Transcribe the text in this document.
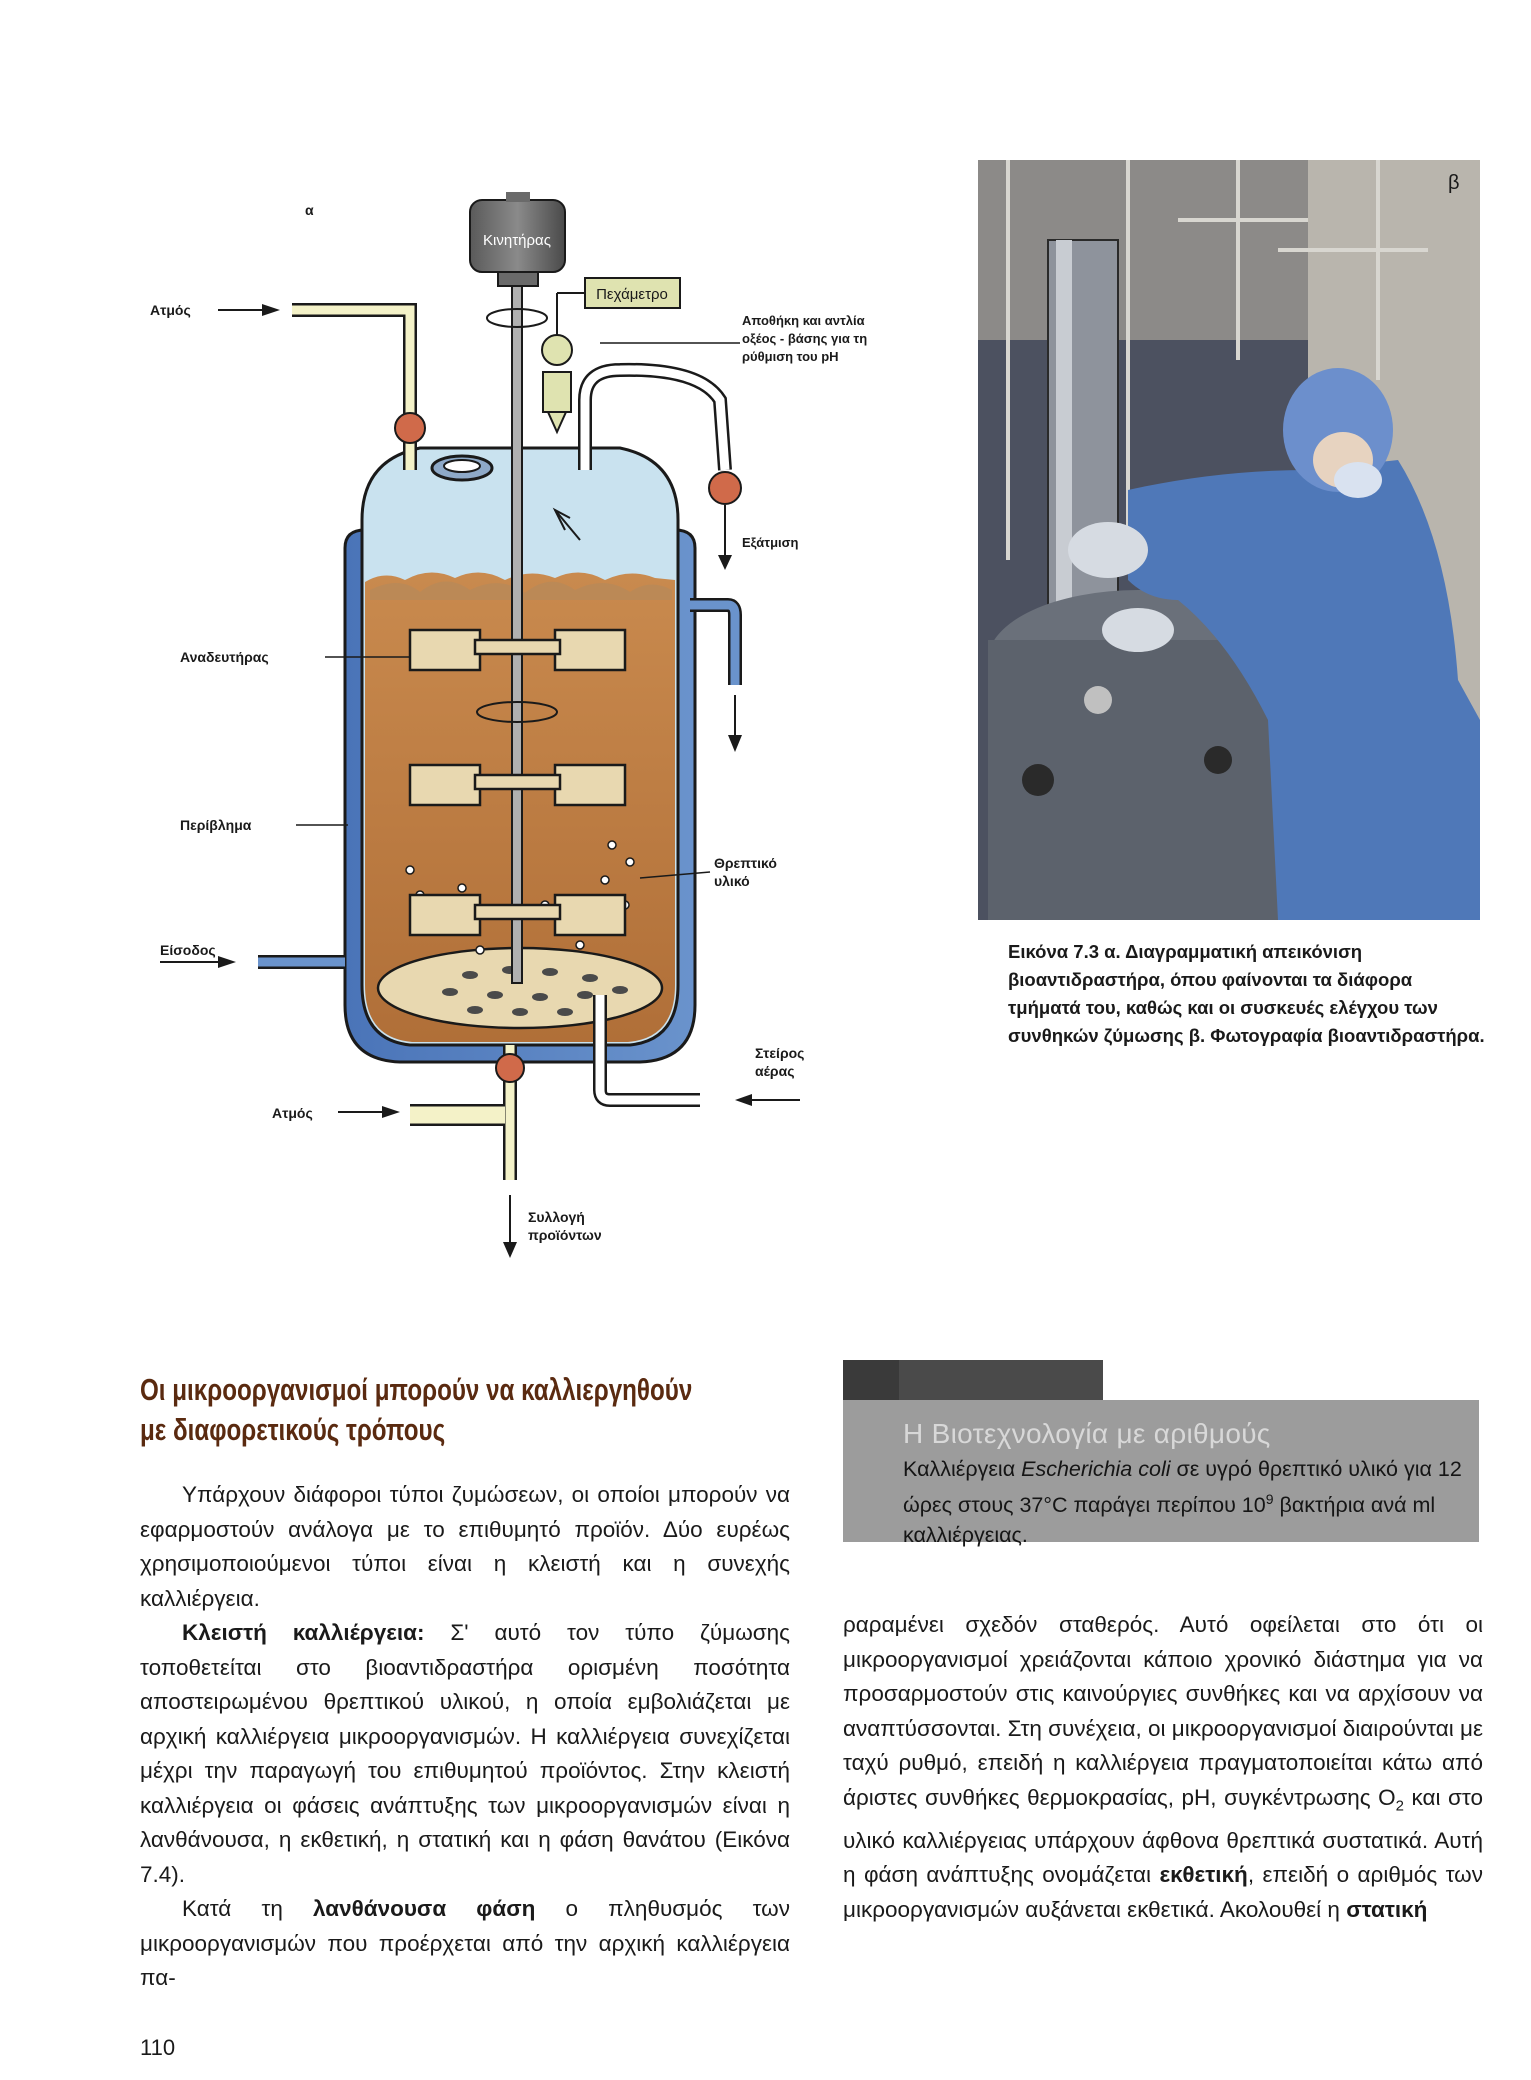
α
Κινητήρας
Πεχάμετρο
Αποθήκη και αντλία
οξέος - βάσης για τη
ρύθμιση του pH
Εξάτμιση
Ατμός
Αναδευτήρας
Περίβλημα
Θρεπτικό
υλικό
Είσοδος
Στείρος
αέρας
Ατμός
Συλλογή
προϊόντων
β
Εικόνα 7.3 α. Διαγραμματική απεικόνιση βιοαντιδραστήρα, όπου φαίνονται τα διάφορα τμήματά του, καθώς και οι συσκευές ελέγχου των συνθηκών ζύμωσης β. Φωτογραφία βιοαντιδραστήρα.
Οι μικροοργανισμοί μπορούν να καλλιεργηθούν
με διαφορετικούς τρόπους	Η Βιοτεχνολογία με αριθμούς
Καλλιέργεια Escherichia coli σε υγρό θρεπτικό υλικό για 12 ώρες στους 37°C παράγει περίπου $10^9$ βακτήρια ανά ml καλλιέργειας.

Υπάρχουν διάφοροι τύποι ζυμώσεων, οι οποίοι μπορούν να εφαρμοστούν ανάλογα με το επιθυμητό προϊόν. Δύο ευρέως χρησιμοποιούμενοι τύποι είναι η κλειστή και η συνεχής καλλιέργεια.

Κλειστή καλλιέργεια: Σ' αυτό τον τύπο ζύμωσης τοποθετείται στο βιοαντιδραστήρα ορισμένη ποσότητα αποστειρωμένου θρεπτικού υλικού, η οποία εμβολιάζεται με αρχική καλλιέργεια μικροοργανισμών. Η καλλιέργεια συνεχίζεται μέχρι την παραγωγή του επιθυμητού προϊόντος. Στην κλειστή καλλιέργεια οι φάσεις ανάπτυξης των μικροοργανισμών είναι η λανθάνουσα, η εκθετική, η στατική και η φάση θανάτου (Εικόνα 7.4).

Κατά τη λανθάνουσα φάση ο πληθυσμός των μικροοργανισμών που προέρχεται από την αρχική καλλιέργεια πα-

ραραμένει σχεδόν σταθερός. Αυτό οφείλεται στο ότι οι μικροοργανισμοί χρειάζονται κάποιο χρονικό διάστημα για να προσαρμοστούν στις καινούργιες συνθήκες και να αρχίσουν να αναπτύσσονται. Στη συνέχεια, οι μικροοργανισμοί διαιρούνται με ταχύ ρυθμό, επειδή η καλλιέργεια πραγματοποιείται κάτω από άριστες συνθήκες θερμοκρασίας, pH, συγκέντρωσης $O_2$ και στο υλικό καλλιέργειας υπάρχουν άφθονα θρεπτικά συστατικά. Αυτή η φάση ανάπτυξης ονομάζεται εκθετική, επειδή ο αριθμός των μικροοργανισμών αυξάνεται εκθετικά. Ακολουθεί η στατική

110
